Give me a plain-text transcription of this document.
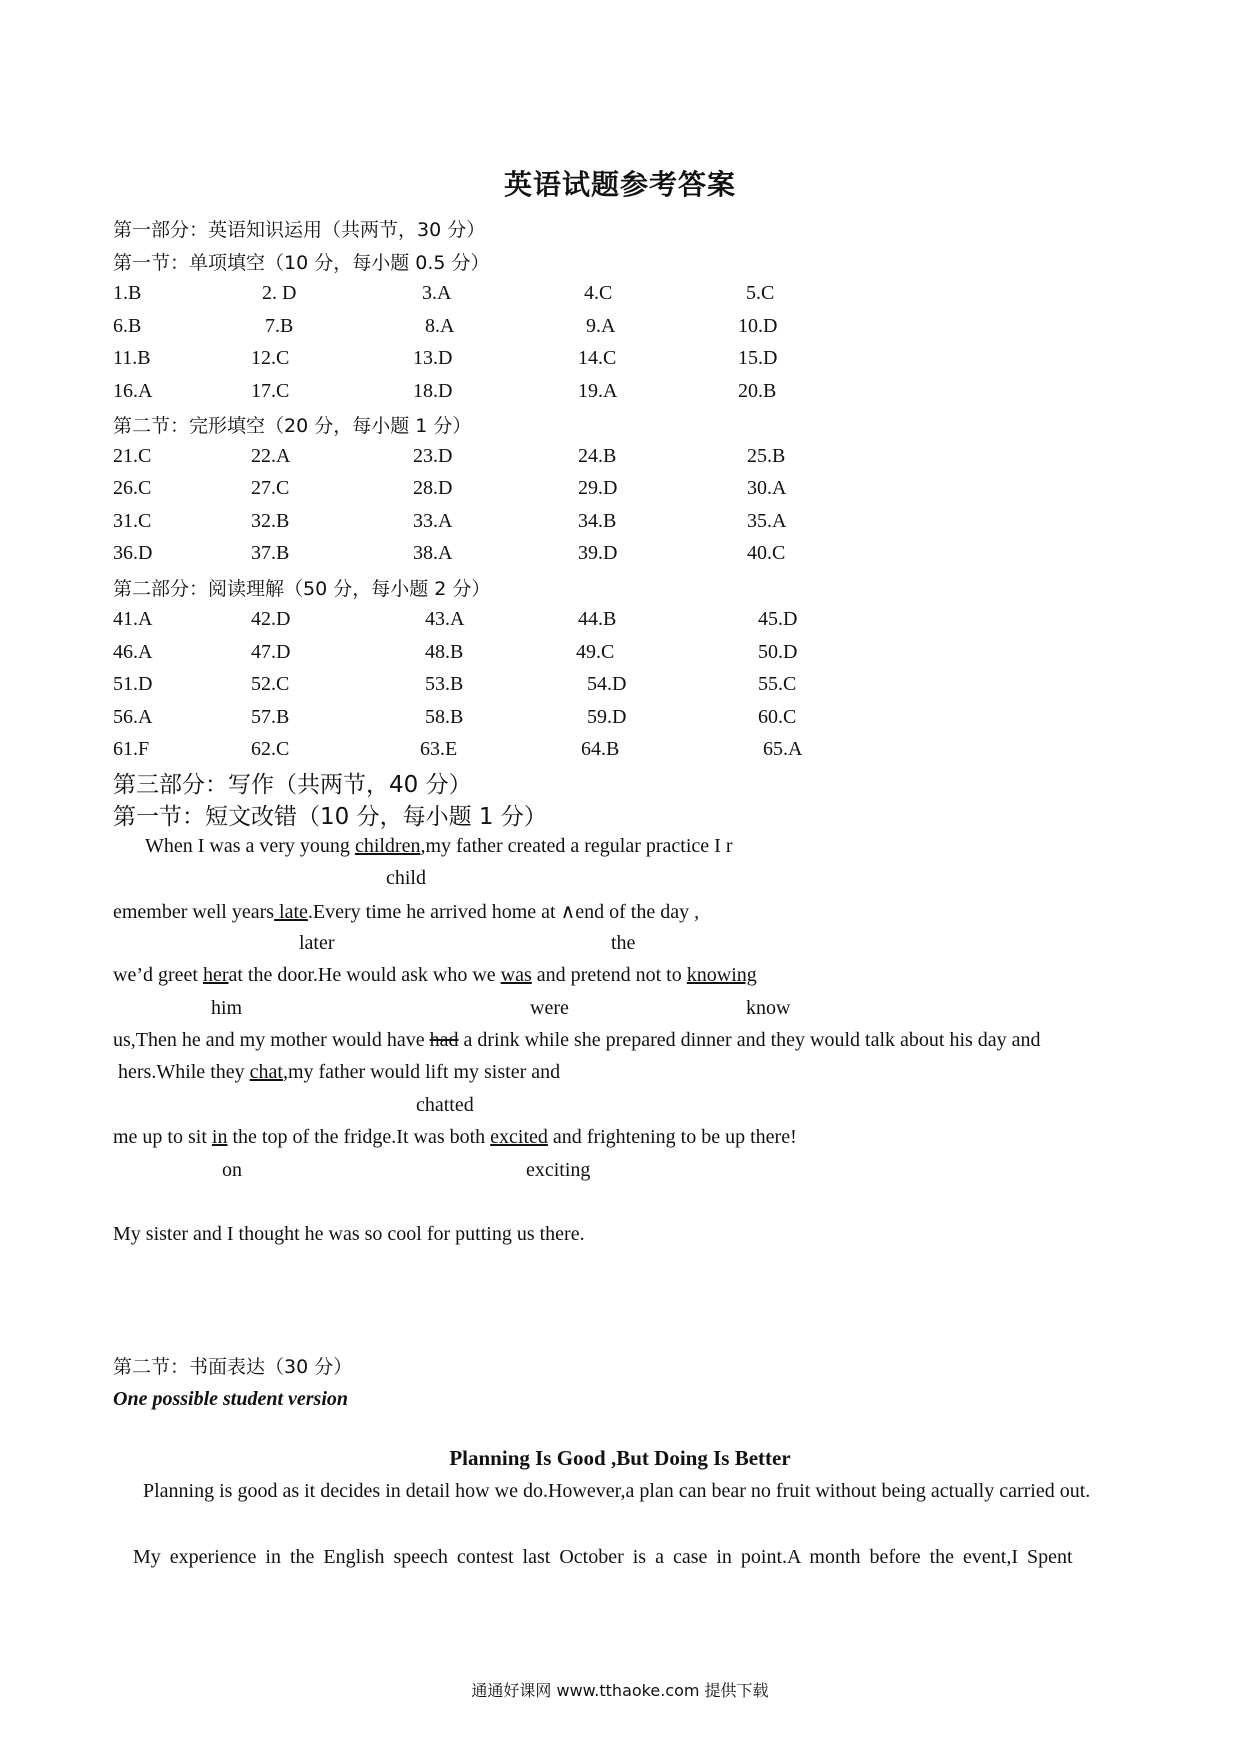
英语试题参考答案
第一部分：英语知识运用（共两节，30 分）
第一节：单项填空（10 分，每小题 0.5 分）
1.B	2. D	3.A	4.C	5.C
6.B	7.B	8.A	9.A	10.D
11.B	12.C	13.D	14.C	15.D
16.A	17.C	18.D	19.A	20.B
第二节：完形填空（20 分，每小题 1 分）
21.C	22.A	23.D	24.B	25.B
26.C	27.C	28.D	29.D	30.A
31.C	32.B	33.A	34.B	35.A
36.D	37.B	38.A	39.D	40.C
第二部分：阅读理解（50 分，每小题 2 分）
41.A	42.D	43.A	44.B	45.D
46.A	47.D	48.B	49.C	50.D
51.D	52.C	53.B	54.D	55.C
56.A	57.B	58.B	59.D	60.C
61.F	62.C	63.E	64.B	65.A
第三部分：写作（共两节，40 分）
第一节：短文改错（10 分，每小题 1 分）
When I was a very young children,my father created a regular practice I r
child
emember well years late.Every time he arrived home at ∧end of the day ,
later	the
we’d greet herat the door.He would ask who we was and pretend not to knowing
him	were	know
us,Then he and my mother would have had a drink while she prepared dinner and they would talk about his day and
hers.While they chat,my father would lift my sister and
chatted
me up to sit in the top of the fridge.It was both excited and frightening to be up there!
on	exciting
My sister and I thought he was so cool for putting us there.
第二节：书面表达（30 分）
One possible student version
Planning Is Good ,But Doing Is Better
Planning is good as it decides in detail how we do.However,a plan can bear no fruit without being actually carried out.
My experience in the English speech contest last October is a case in point.A month before the event,I Spent
通通好课网 www.tthaoke.com 提供下载
